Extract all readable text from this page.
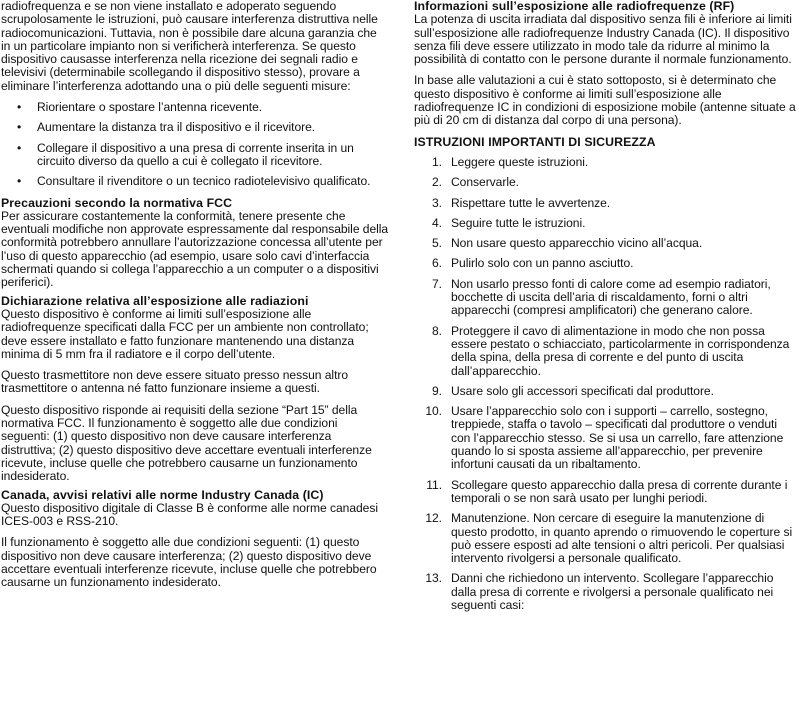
radiofrequenza e se non viene installato e adoperato seguendo scrupolosamente le istruzioni, può causare interferenza distruttiva nelle radiocomunicazioni. Tuttavia, non è possibile dare alcuna garanzia che in un particolare impianto non si verificherà interferenza. Se questo dispositivo causasse interferenza nella ricezione dei segnali radio e televisivi (determinabile scollegando il dispositivo stesso), provare a eliminare l’interferenza adottando una o più delle seguenti misure:

• Riorientare o spostare l’antenna ricevente.
• Aumentare la distanza tra il dispositivo e il ricevitore.
• Collegare il dispositivo a una presa di corrente inserita in un circuito diverso da quello a cui è collegato il ricevitore.
• Consultare il rivenditore o un tecnico radiotelevisivo qualificato.
Precauzioni secondo la normativa FCC

Per assicurare costantemente la conformità, tenere presente che eventuali modifiche non approvate espressamente dal responsabile della conformità potrebbero annullare l’autorizzazione concessa all’utente per l’uso di questo apparecchio (ad esempio, usare solo cavi d’interfaccia schermati quando si collega l’apparecchio a un computer o a dispositivi periferici).

Dichiarazione relativa all’esposizione alle radiazioni

Questo dispositivo è conforme ai limiti sull’esposizione alle radiofrequenze specificati dalla FCC per un ambiente non controllato; deve essere installato e fatto funzionare mantenendo una distanza minima di 5 mm fra il radiatore e il corpo dell’utente.

Questo trasmettitore non deve essere situato presso nessun altro trasmettitore o antenna né fatto funzionare insieme a questi.

Questo dispositivo risponde ai requisiti della sezione “Part 15” della normativa FCC. Il funzionamento è soggetto alle due condizioni seguenti: (1) questo dispositivo non deve causare interferenza distruttiva; (2) questo dispositivo deve accettare eventuali interferenze ricevute, incluse quelle che potrebbero causarne un funzionamento indesiderato.

Canada, avvisi relativi alle norme Industry Canada (IC)

Questo dispositivo digitale di Classe B è conforme alle norme canadesi ICES-003 e RSS-210.

Il funzionamento è soggetto alle due condizioni seguenti: (1) questo dispositivo non deve causare interferenza; (2) questo dispositivo deve accettare eventuali interferenze ricevute, incluse quelle che potrebbero causarne un funzionamento indesiderato.

Informazioni sull’esposizione alle radiofrequenze (RF)

La potenza di uscita irradiata dal dispositivo senza fili è inferiore ai limiti sull’esposizione alle radiofrequenze Industry Canada (IC). Il dispositivo senza fili deve essere utilizzato in modo tale da ridurre al minimo la possibilità di contatto con le persone durante il normale funzionamento.

In base alle valutazioni a cui è stato sottoposto, si è determinato che questo dispositivo è conforme ai limiti sull’esposizione alle radiofrequenze IC in condizioni di esposizione mobile (antenne situate a più di 20 cm di distanza dal corpo di una persona).

ISTRUZIONI IMPORTANTI DI SICUREZZA
1. Leggere queste istruzioni.
2. Conservarle.
3. Rispettare tutte le avvertenze.
4. Seguire tutte le istruzioni.
5. Non usare questo apparecchio vicino all’acqua.
6. Pulirlo solo con un panno asciutto.
7. Non usarlo presso fonti di calore come ad esempio radiatori, bocchette di uscita dell’aria di riscaldamento, forni o altri apparecchi (compresi amplificatori) che generano calore.
8. Proteggere il cavo di alimentazione in modo che non possa essere pestato o schiacciato, particolarmente in corrispondenza della spina, della presa di corrente e del punto di uscita dall’apparecchio.
9. Usare solo gli accessori specificati dal produttore.
10. Usare l’apparecchio solo con i supporti – carrello, sostegno, treppiede, staffa o tavolo – specificati dal produttore o venduti con l’apparecchio stesso. Se si usa un carrello, fare attenzione quando lo si sposta assieme all’apparecchio, per prevenire infortuni causati da un ribaltamento.
11. Scollegare questo apparecchio dalla presa di corrente durante i temporali o se non sarà usato per lunghi periodi.
12. Manutenzione. Non cercare di eseguire la manutenzione di questo prodotto, in quanto aprendo o rimuovendo le coperture si può essere esposti ad alte tensioni o altri pericoli. Per qualsiasi intervento rivolgersi a personale qualificato.
13. Danni che richiedono un intervento. Scollegare l’apparecchio dalla presa di corrente e rivolgersi a personale qualificato nei seguenti casi:
